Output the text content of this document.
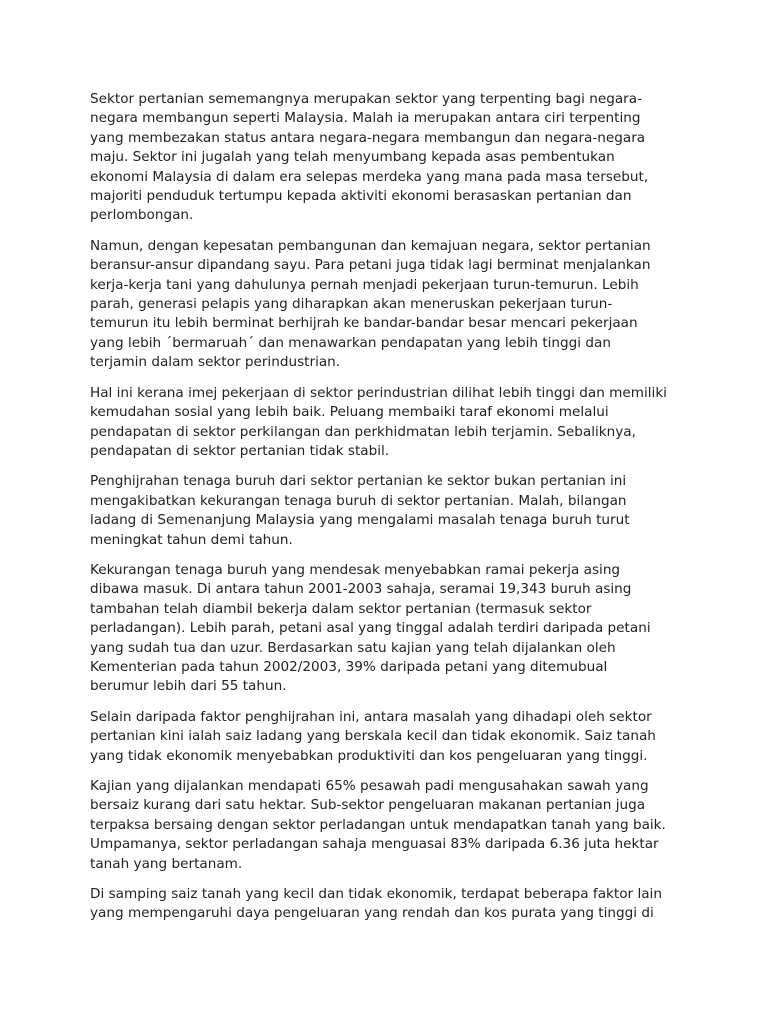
Sektor pertanian sememangnya merupakan sektor yang terpenting bagi negara-
negara membangun seperti Malaysia. Malah ia merupakan antara ciri terpenting
yang membezakan status antara negara-negara membangun dan negara-negara
maju. Sektor ini jugalah yang telah menyumbang kepada asas pembentukan
ekonomi Malaysia di dalam era selepas merdeka yang mana pada masa tersebut,
majoriti penduduk tertumpu kepada aktiviti ekonomi berasaskan pertanian dan
perlombongan.

Namun, dengan kepesatan pembangunan dan kemajuan negara, sektor pertanian
beransur-ansur dipandang sayu. Para petani juga tidak lagi berminat menjalankan
kerja-kerja tani yang dahulunya pernah menjadi pekerjaan turun-temurun. Lebih
parah, generasi pelapis yang diharapkan akan meneruskan pekerjaan turun-
temurun itu lebih berminat berhijrah ke bandar-bandar besar mencari pekerjaan
yang lebih ´bermaruah´ dan menawarkan pendapatan yang lebih tinggi dan
terjamin dalam sektor perindustrian.

Hal ini kerana imej pekerjaan di sektor perindustrian dilihat lebih tinggi dan memiliki
kemudahan sosial yang lebih baik. Peluang membaiki taraf ekonomi melalui
pendapatan di sektor perkilangan dan perkhidmatan lebih terjamin. Sebaliknya,
pendapatan di sektor pertanian tidak stabil.

Penghijrahan tenaga buruh dari sektor pertanian ke sektor bukan pertanian ini
mengakibatkan kekurangan tenaga buruh di sektor pertanian. Malah, bilangan
ladang di Semenanjung Malaysia yang mengalami masalah tenaga buruh turut
meningkat tahun demi tahun.

Kekurangan tenaga buruh yang mendesak menyebabkan ramai pekerja asing
dibawa masuk. Di antara tahun 2001-2003 sahaja, seramai 19,343 buruh asing
tambahan telah diambil bekerja dalam sektor pertanian (termasuk sektor
perladangan). Lebih parah, petani asal yang tinggal adalah terdiri daripada petani
yang sudah tua dan uzur. Berdasarkan satu kajian yang telah dijalankan oleh
Kementerian pada tahun 2002/2003, 39% daripada petani yang ditemubual
berumur lebih dari 55 tahun.

Selain daripada faktor penghijrahan ini, antara masalah yang dihadapi oleh sektor
pertanian kini ialah saiz ladang yang berskala kecil dan tidak ekonomik. Saiz tanah
yang tidak ekonomik menyebabkan produktiviti dan kos pengeluaran yang tinggi.

Kajian yang dijalankan mendapati 65% pesawah padi mengusahakan sawah yang
bersaiz kurang dari satu hektar. Sub-sektor pengeluaran makanan pertanian juga
terpaksa bersaing dengan sektor perladangan untuk mendapatkan tanah yang baik.
Umpamanya, sektor perladangan sahaja menguasai 83% daripada 6.36 juta hektar
tanah yang bertanam.

Di samping saiz tanah yang kecil dan tidak ekonomik, terdapat beberapa faktor lain
yang mempengaruhi daya pengeluaran yang rendah dan kos purata yang tinggi di
